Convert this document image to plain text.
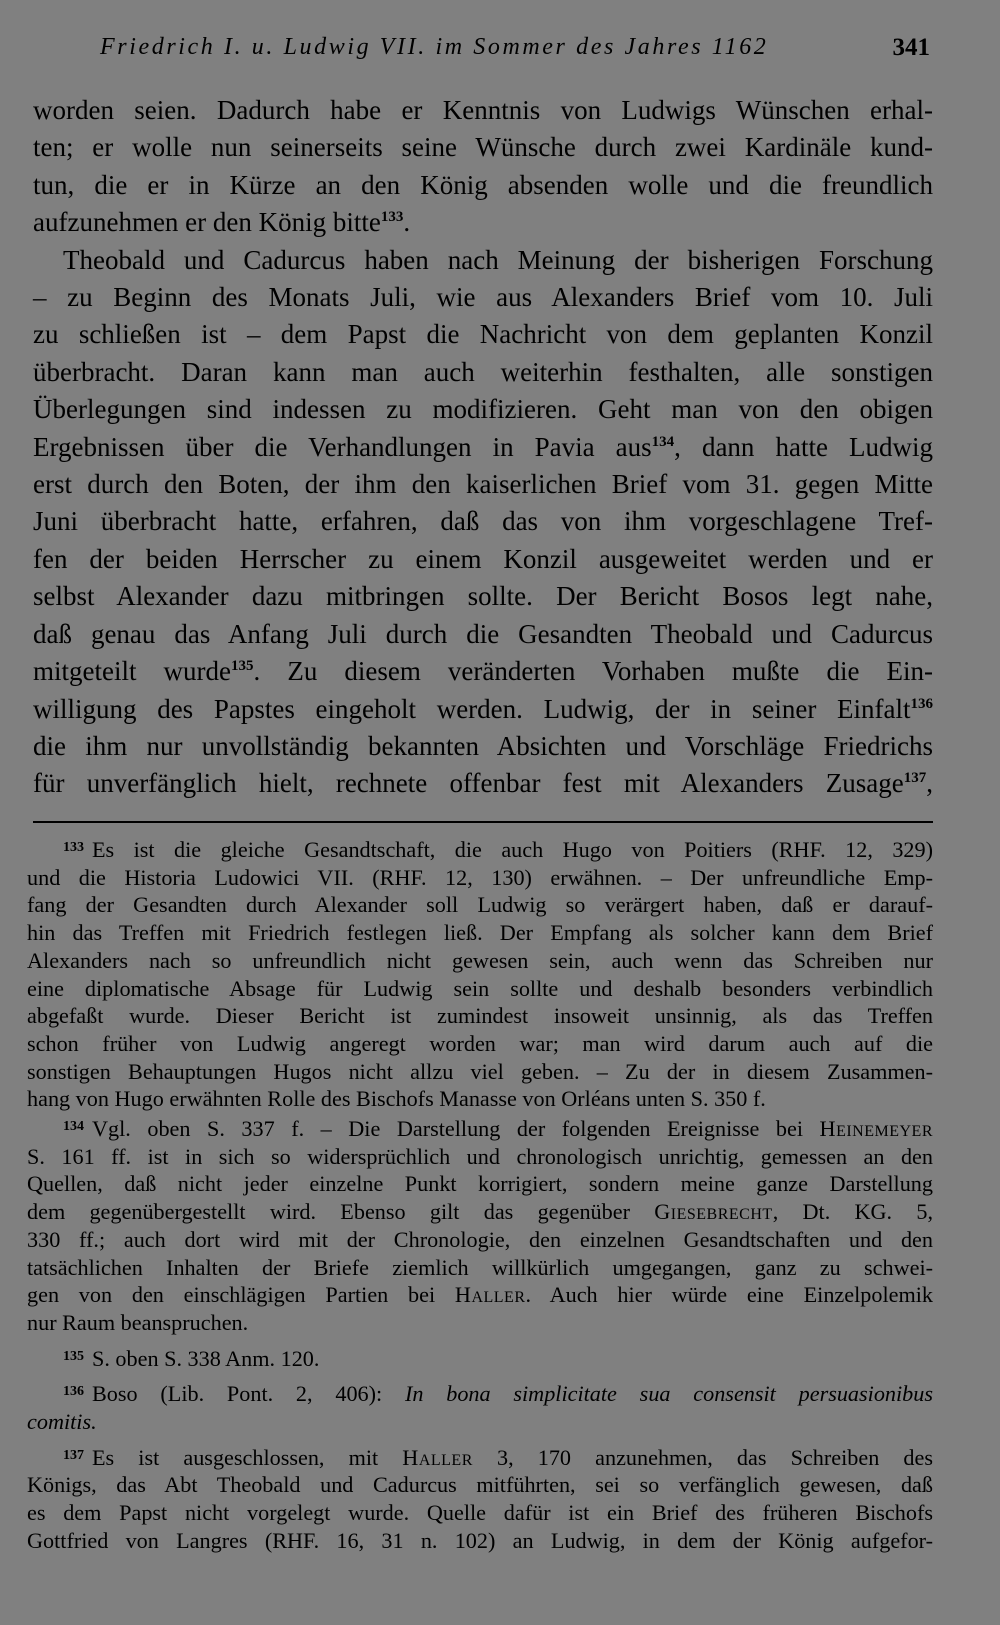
Friedrich I. u. Ludwig VII. im Sommer des Jahres 1162	341
worden seien. Dadurch habe er Kenntnis von Ludwigs Wünschen erhal-
ten; er wolle nun seinerseits seine Wünsche durch zwei Kardinäle kund-
tun, die er in Kürze an den König absenden wolle und die freundlich
aufzunehmen er den König bitte$^{133}$.
Theobald und Cadurcus haben nach Meinung der bisherigen Forschung
– zu Beginn des Monats Juli, wie aus Alexanders Brief vom 10. Juli
zu schließen ist – dem Papst die Nachricht von dem geplanten Konzil
überbracht. Daran kann man auch weiterhin festhalten, alle sonstigen
Überlegungen sind indessen zu modifizieren. Geht man von den obigen
Ergebnissen über die Verhandlungen in Pavia aus$^{134}$, dann hatte Ludwig
erst durch den Boten, der ihm den kaiserlichen Brief vom 31. gegen Mitte
Juni überbracht hatte, erfahren, daß das von ihm vorgeschlagene Tref-
fen der beiden Herrscher zu einem Konzil ausgeweitet werden und er
selbst Alexander dazu mitbringen sollte. Der Bericht Bosos legt nahe,
daß genau das Anfang Juli durch die Gesandten Theobald und Cadurcus
mitgeteilt wurde$^{135}$. Zu diesem veränderten Vorhaben mußte die Ein-
willigung des Papstes eingeholt werden. Ludwig, der in seiner Einfalt$^{136}$
die ihm nur unvollständig bekannten Absichten und Vorschläge Friedrichs
für unverfänglich hielt, rechnete offenbar fest mit Alexanders Zusage$^{137}$,
$^{133}$ Es ist die gleiche Gesandtschaft, die auch Hugo von Poitiers (RHF. 12, 329)
und die Historia Ludowici VII. (RHF. 12, 130) erwähnen. – Der unfreundliche Emp-
fang der Gesandten durch Alexander soll Ludwig so verärgert haben, daß er darauf-
hin das Treffen mit Friedrich festlegen ließ. Der Empfang als solcher kann dem Brief
Alexanders nach so unfreundlich nicht gewesen sein, auch wenn das Schreiben nur
eine diplomatische Absage für Ludwig sein sollte und deshalb besonders verbindlich
abgefaßt wurde. Dieser Bericht ist zumindest insoweit unsinnig, als das Treffen
schon früher von Ludwig angeregt worden war; man wird darum auch auf die
sonstigen Behauptungen Hugos nicht allzu viel geben. – Zu der in diesem Zusammen-
hang von Hugo erwähnten Rolle des Bischofs Manasse von Orléans unten S. 350 f.
$^{134}$ Vgl. oben S. 337 f. – Die Darstellung der folgenden Ereignisse bei Heinemeyer
S. 161 ff. ist in sich so widersprüchlich und chronologisch unrichtig, gemessen an den
Quellen, daß nicht jeder einzelne Punkt korrigiert, sondern meine ganze Darstellung
dem gegenübergestellt wird. Ebenso gilt das gegenüber Giesebrecht, Dt. KG. 5,
330 ff.; auch dort wird mit der Chronologie, den einzelnen Gesandtschaften und den
tatsächlichen Inhalten der Briefe ziemlich willkürlich umgegangen, ganz zu schwei-
gen von den einschlägigen Partien bei Haller. Auch hier würde eine Einzelpolemik
nur Raum beanspruchen.
$^{135}$ S. oben S. 338 Anm. 120.
$^{136}$ Boso (Lib. Pont. 2, 406): In bona simplicitate sua consensit persuasionibus
comitis.
$^{137}$ Es ist ausgeschlossen, mit Haller 3, 170 anzunehmen, das Schreiben des
Königs, das Abt Theobald und Cadurcus mitführten, sei so verfänglich gewesen, daß
es dem Papst nicht vorgelegt wurde. Quelle dafür ist ein Brief des früheren Bischofs
Gottfried von Langres (RHF. 16, 31 n. 102) an Ludwig, in dem der König aufgefor-
